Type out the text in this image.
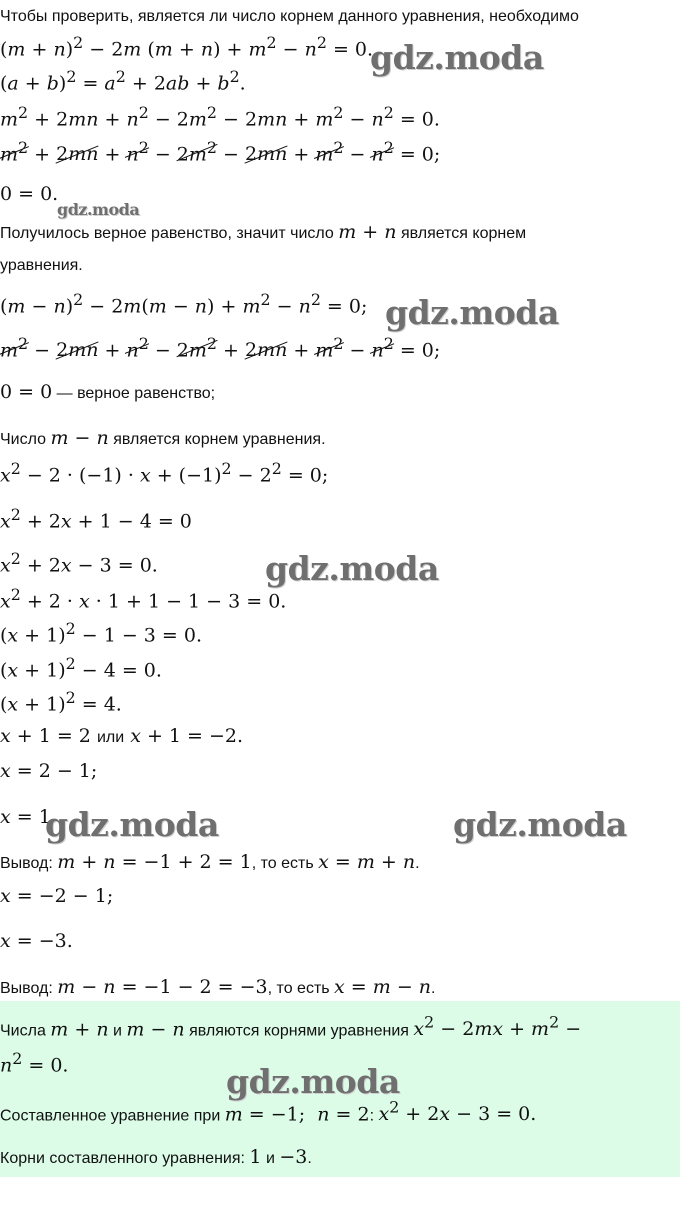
Чтобы проверить, является ли число корнем данного уравнения, необходимо
$(m + n)^2 - 2m$ $(m + n) + m^2 - n^2 = 0$.
$(a + b)^2 = a^2 + 2ab + b^2$.
$m^2 + 2mn + n^2 - 2m^2 - 2mn + m^2 - n^2 = 0$.
$m^2 + 2mn + n^2 - 2m^2 - 2mn + m^2 - n^2 = 0$;
0 = 0.
Получилось верное равенство, значит число m + n является корнем
уравнения.
$(m - n)^2 - 2m(m - n) + m^2 - n^2 = 0$;
$m^2 - 2mn + n^2 - 2m^2 + 2mn + m^2 - n^2 = 0$;
0 = 0 — верное равенство;
Число m − n является корнем уравнения.
$x^2 - 2 \cdot (-1) \cdot x + (-1)^2 - 2^2 = 0$;
$x^2 + 2x + 1 - 4 = 0$
$x^2 + 2x - 3 = 0$.
$x^2 + 2 \cdot x \cdot 1 + 1 - 1 - 3 = 0$.
$(x + 1)^2 - 1 - 3 = 0$.
$(x + 1)^2 - 4 = 0$.
$(x + 1)^2 = 4$.
x + 1 = 2 или x + 1 = −2.
x = 2 − 1;
x = 1.
Вывод: m + n = −1 + 2 = 1, то есть x = m + n.
x = −2 − 1;
x = −3.
Вывод: m − n = −1 − 2 = −3, то есть x = m − n.
Числа m + n и m − n являются корнями уравнения $x^2 - 2mx + m^2$ −
$n^2 = 0$.
Составленное уравнение при m = −1;  n = 2: $x^2 + 2x - 3 = 0$.
Корни составленного уравнения: 1 и −3.
gdz.moda
gdz.moda
gdz.moda
gdz.moda
gdz.moda	gdz.moda
gdz.moda
